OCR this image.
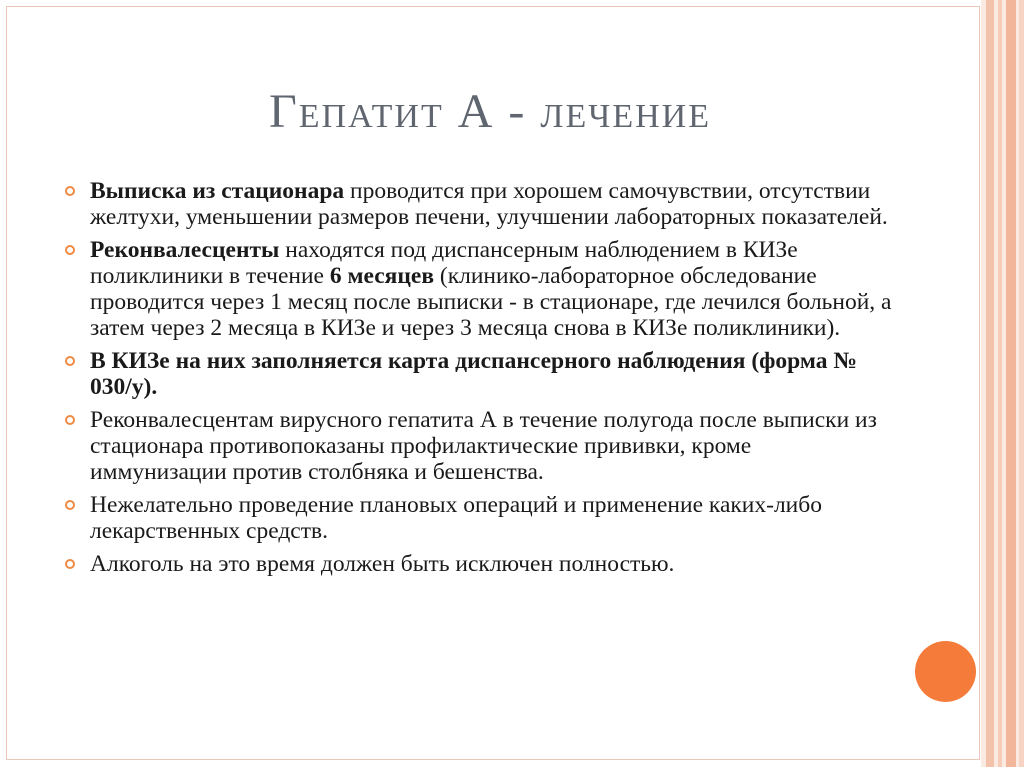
Гепатит А - лечение
Выписка из стационара проводится при хорошем самочувствии, отсутствии желтухи, уменьшении размеров печени, улучшении лабораторных показателей.
Реконвалесценты находятся под диспансерным наблюдением в КИЗе поликлиники в течение 6 месяцев (клинико-лабораторное обследование проводится через 1 месяц после выписки - в стационаре, где лечился больной, а затем через 2 месяца в КИЗе и через 3 месяца снова в КИЗе поликлиники).
В КИЗе на них заполняется карта диспансерного наблюдения (форма № 030/у).
Реконвалесцентам вирусного гепатита А в течение полугода после выписки из стационара противопоказаны профилактические прививки, кроме иммунизации против столбняка и бешенства.
Нежелательно проведение плановых операций и применение каких-либо лекарственных средств.
Алкоголь на это время должен быть исключен полностью.
